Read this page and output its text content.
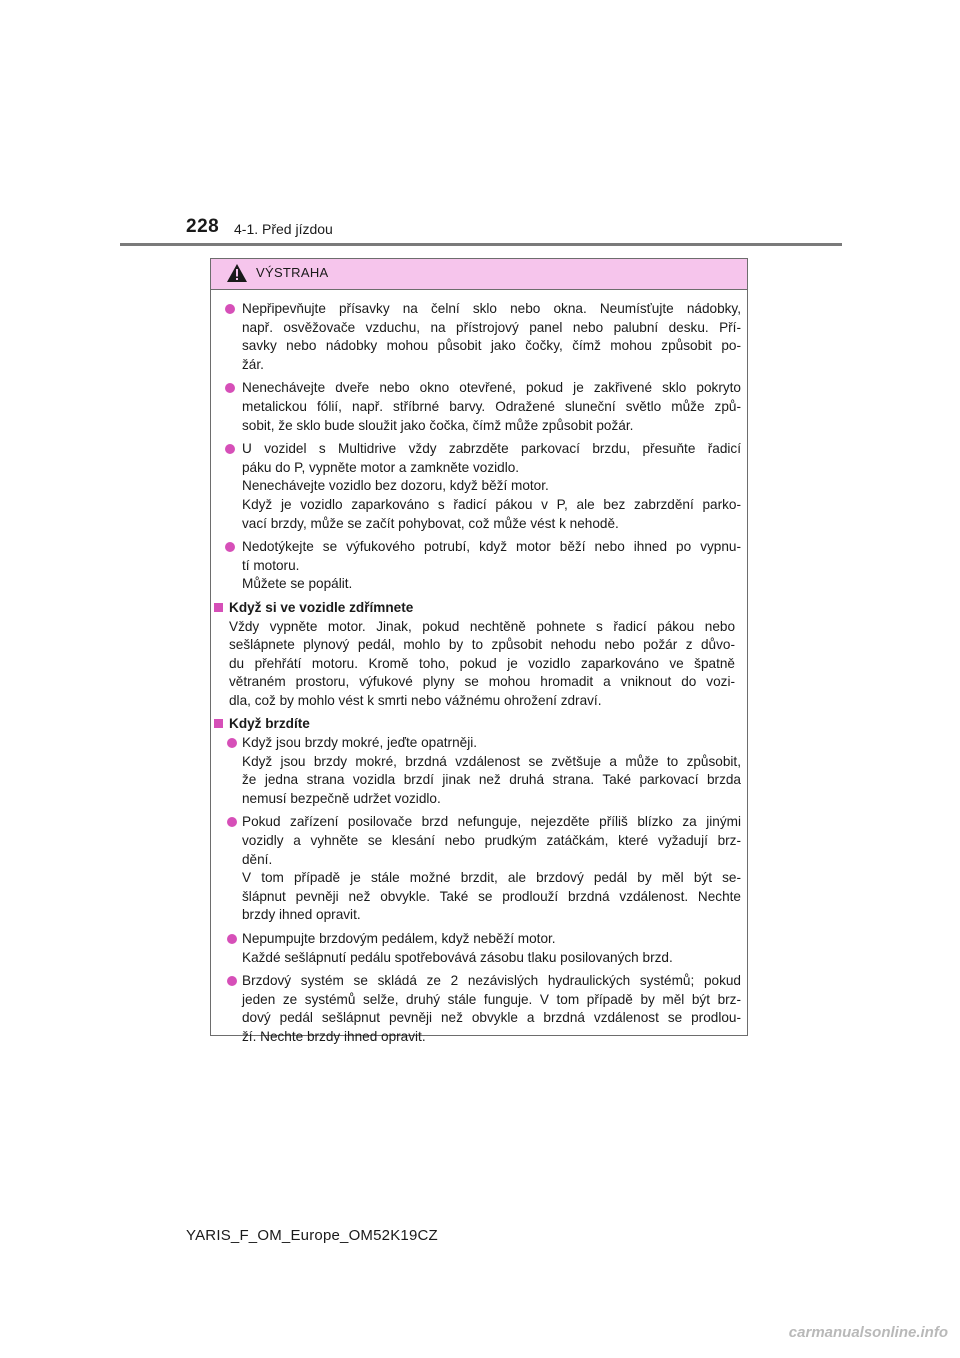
228 4-1. Před jízdou
VÝSTRAHA
Nepřipevňujte přísavky na čelní sklo nebo okna. Neumísťujte nádobky,
např. osvěžovače vzduchu, na přístrojový panel nebo palubní desku. Pří-
savky nebo nádobky mohou působit jako čočky, čímž mohou způsobit po-
žár.
Nenechávejte dveře nebo okno otevřené, pokud je zakřivené sklo pokryto
metalickou fólií, např. stříbrné barvy. Odražené sluneční světlo může způ-
sobit, že sklo bude sloužit jako čočka, čímž může způsobit požár.
U vozidel s Multidrive vždy zabrzděte parkovací brzdu, přesuňte řadicí
páku do P, vypněte motor a zamkněte vozidlo.
Nenechávejte vozidlo bez dozoru, když běží motor.
Když je vozidlo zaparkováno s řadicí pákou v P, ale bez zabrzdění parko-
vací brzdy, může se začít pohybovat, což může vést k nehodě.
Nedotýkejte se výfukového potrubí, když motor běží nebo ihned po vypnu-
tí motoru.
Můžete se popálit.
Když si ve vozidle zdřímnete
Vždy vypněte motor. Jinak, pokud nechtěně pohnete s řadicí pákou nebo
sešlápnete plynový pedál, mohlo by to způsobit nehodu nebo požár z důvo-
du přehřátí motoru. Kromě toho, pokud je vozidlo zaparkováno ve špatně
větraném prostoru, výfukové plyny se mohou hromadit a vniknout do vozi-
dla, což by mohlo vést k smrti nebo vážnému ohrožení zdraví.
Když brzdíte
Když jsou brzdy mokré, jeďte opatrněji.
Když jsou brzdy mokré, brzdná vzdálenost se zvětšuje a může to způsobit,
že jedna strana vozidla brzdí jinak než druhá strana. Také parkovací brzda
nemusí bezpečně udržet vozidlo.
Pokud zařízení posilovače brzd nefunguje, nejezděte příliš blízko za jinými
vozidly a vyhněte se klesání nebo prudkým zatáčkám, které vyžadují brz-
dění.
V tom případě je stále možné brzdit, ale brzdový pedál by měl být se-
šlápnut pevněji než obvykle. Také se prodlouží brzdná vzdálenost. Nechte
brzdy ihned opravit.
Nepumpujte brzdovým pedálem, když neběží motor.
Každé sešlápnutí pedálu spotřebovává zásobu tlaku posilovaných brzd.
Brzdový systém se skládá ze 2 nezávislých hydraulických systémů; pokud
jeden ze systémů selže, druhý stále funguje. V tom případě by měl být brz-
dový pedál sešlápnut pevněji než obvykle a brzdná vzdálenost se prodlou-
ží. Nechte brzdy ihned opravit.
YARIS_F_OM_Europe_OM52K19CZ
carmanualsonline.info
